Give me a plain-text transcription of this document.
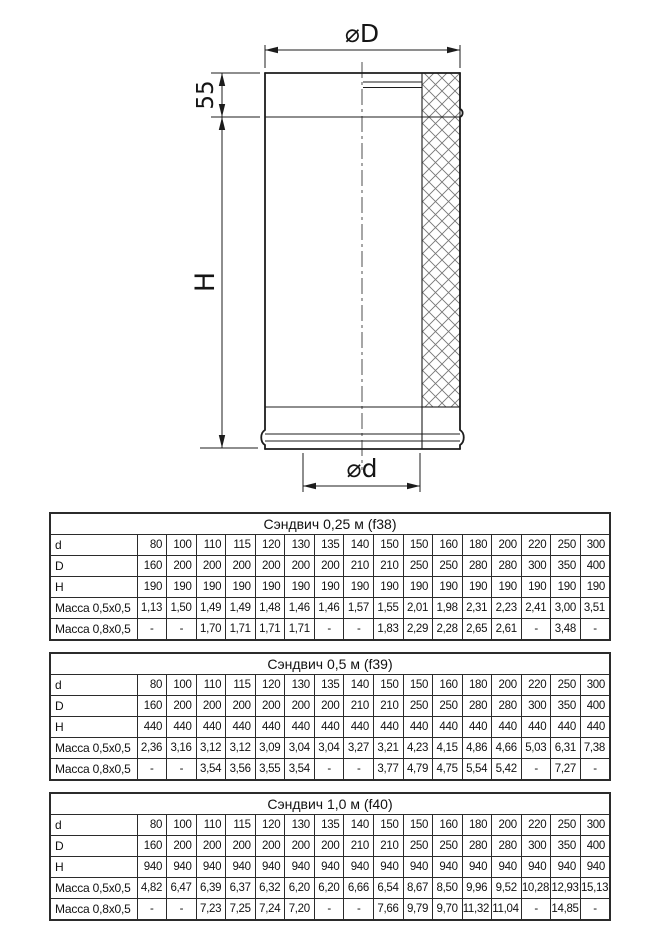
⌀D
55
H
⌀d
Сэндвич 0,25 м (f38)																
d	80	100	110	115	120	130	135	140	150	150	160	180	200	220	250	300
D	160	200	200	200	200	200	200	210	210	250	250	280	280	300	350	400
H	190	190	190	190	190	190	190	190	190	190	190	190	190	190	190	190
Масса 0,5x0,5	1,13	1,50	1,49	1,49	1,48	1,46	1,46	1,57	1,55	2,01	1,98	2,31	2,23	2,41	3,00	3,51
Масса 0,8x0,5	-	-	1,70	1,71	1,71	1,71	-	-	1,83	2,29	2,28	2,65	2,61	-	3,48	-
Сэндвич 0,5 м (f39)																
d	80	100	110	115	120	130	135	140	150	150	160	180	200	220	250	300
D	160	200	200	200	200	200	200	210	210	250	250	280	280	300	350	400
H	440	440	440	440	440	440	440	440	440	440	440	440	440	440	440	440
Масса 0,5x0,5	2,36	3,16	3,12	3,12	3,09	3,04	3,04	3,27	3,21	4,23	4,15	4,86	4,66	5,03	6,31	7,38
Масса 0,8x0,5	-	-	3,54	3,56	3,55	3,54	-	-	3,77	4,79	4,75	5,54	5,42	-	7,27	-
Сэндвич 1,0 м (f40)																
d	80	100	110	115	120	130	135	140	150	150	160	180	200	220	250	300
D	160	200	200	200	200	200	200	210	210	250	250	280	280	300	350	400
H	940	940	940	940	940	940	940	940	940	940	940	940	940	940	940	940
Масса 0,5x0,5	4,82	6,47	6,39	6,37	6,32	6,20	6,20	6,66	6,54	8,67	8,50	9,96	9,52	10,28	12,93	15,13
Масса 0,8x0,5	-	-	7,23	7,25	7,24	7,20	-	-	7,66	9,79	9,70	11,32	11,04	-	14,85	-
